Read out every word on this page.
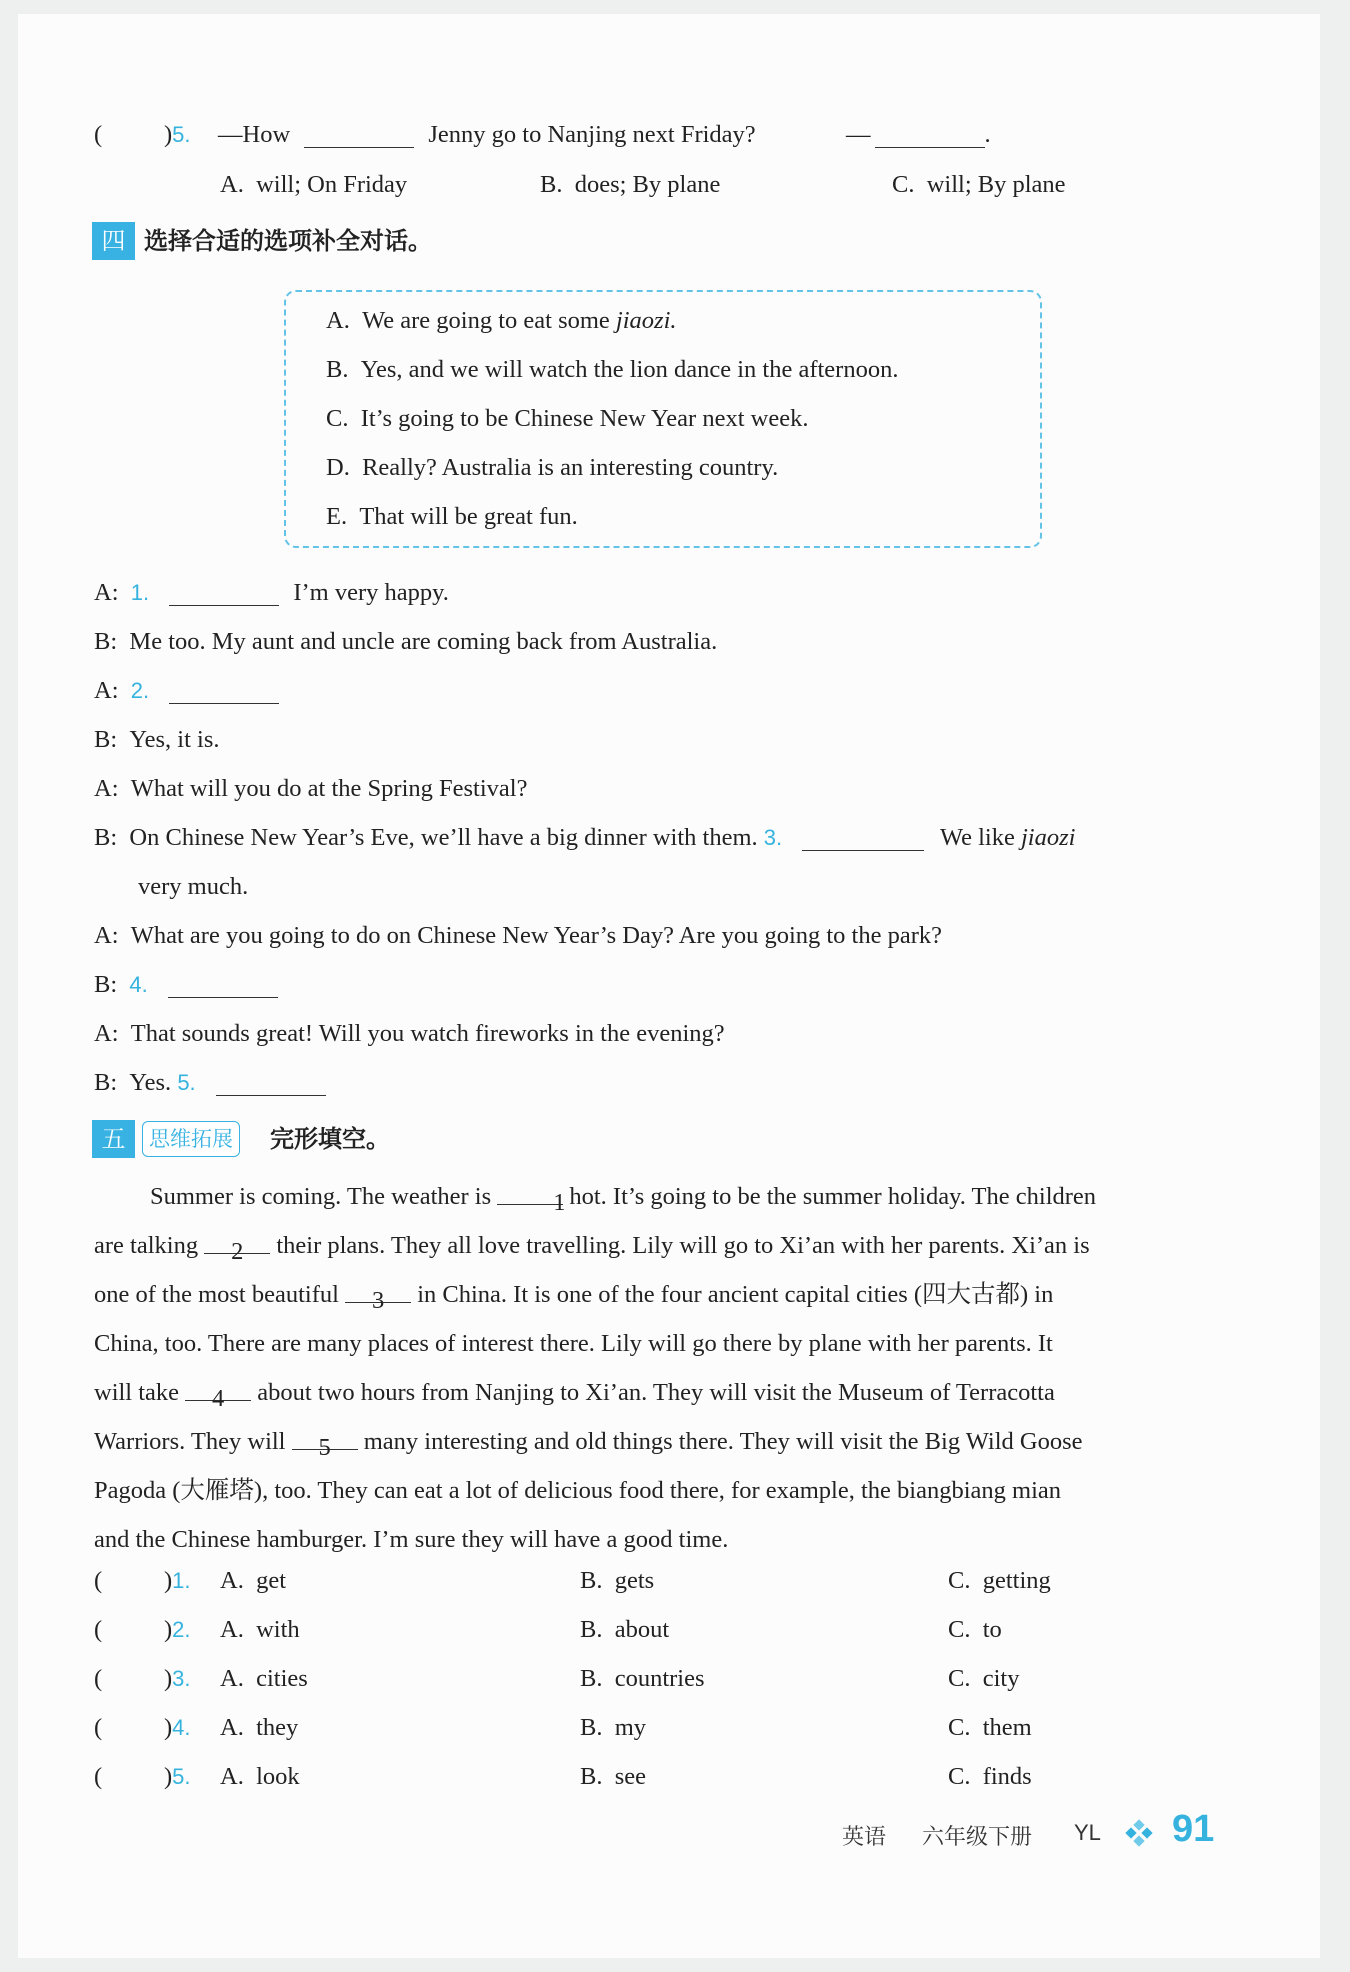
(	)5. —How	Jenny go to Nanjing next Friday?	—	.
A. will; On Friday	B. does; By plane	C. will; By plane
四 选择合适的选项补全对话。
A. We are going to eat some jiaozi.
B. Yes, and we will watch the lion dance in the afternoon.
C. It’s going to be Chinese New Year next week.
D. Really? Australia is an interesting country.
E. That will be great fun.
A: 1.	I’m very happy.
B: Me too. My aunt and uncle are coming back from Australia.
A: 2.
B: Yes, it is.
A: What will you do at the Spring Festival?
B: On Chinese New Year’s Eve, we’ll have a big dinner with them. 3.	We like jiaozi
very much.
A: What are you going to do on Chinese New Year’s Day? Are you going to the park?
B: 4.
A: That sounds great! Will you watch fireworks in the evening?
B: Yes. 5.
五	思维拓展 完形填空。
Summer is coming. The weather is	1 hot. It’s going to be the summer holiday. The children
are talking 2 their plans. They all love travelling. Lily will go to Xi’an with her parents. Xi’an is
one of the most beautiful 3 in China. It is one of the four ancient capital cities (四大古都) in
China, too. There are many places of interest there. Lily will go there by plane with her parents. It
will take 4 about two hours from Nanjing to Xi’an. They will visit the Museum of Terracotta
Warriors. They will 5 many interesting and old things there. They will visit the Big Wild Goose
Pagoda (大雁塔), too. They can eat a lot of delicious food there, for example, the biangbiang mian
and the Chinese hamburger. I’m sure they will have a good time.
(	)1. A. get	B. gets	C. getting
(	)2. A. with	B. about	C. to
(	)3. A. cities	B. countries	C. city
(	)4. A. they	B. my	C. them
(	)5. A. look	B. see	C. finds
英语 六年级下册 YL 91
